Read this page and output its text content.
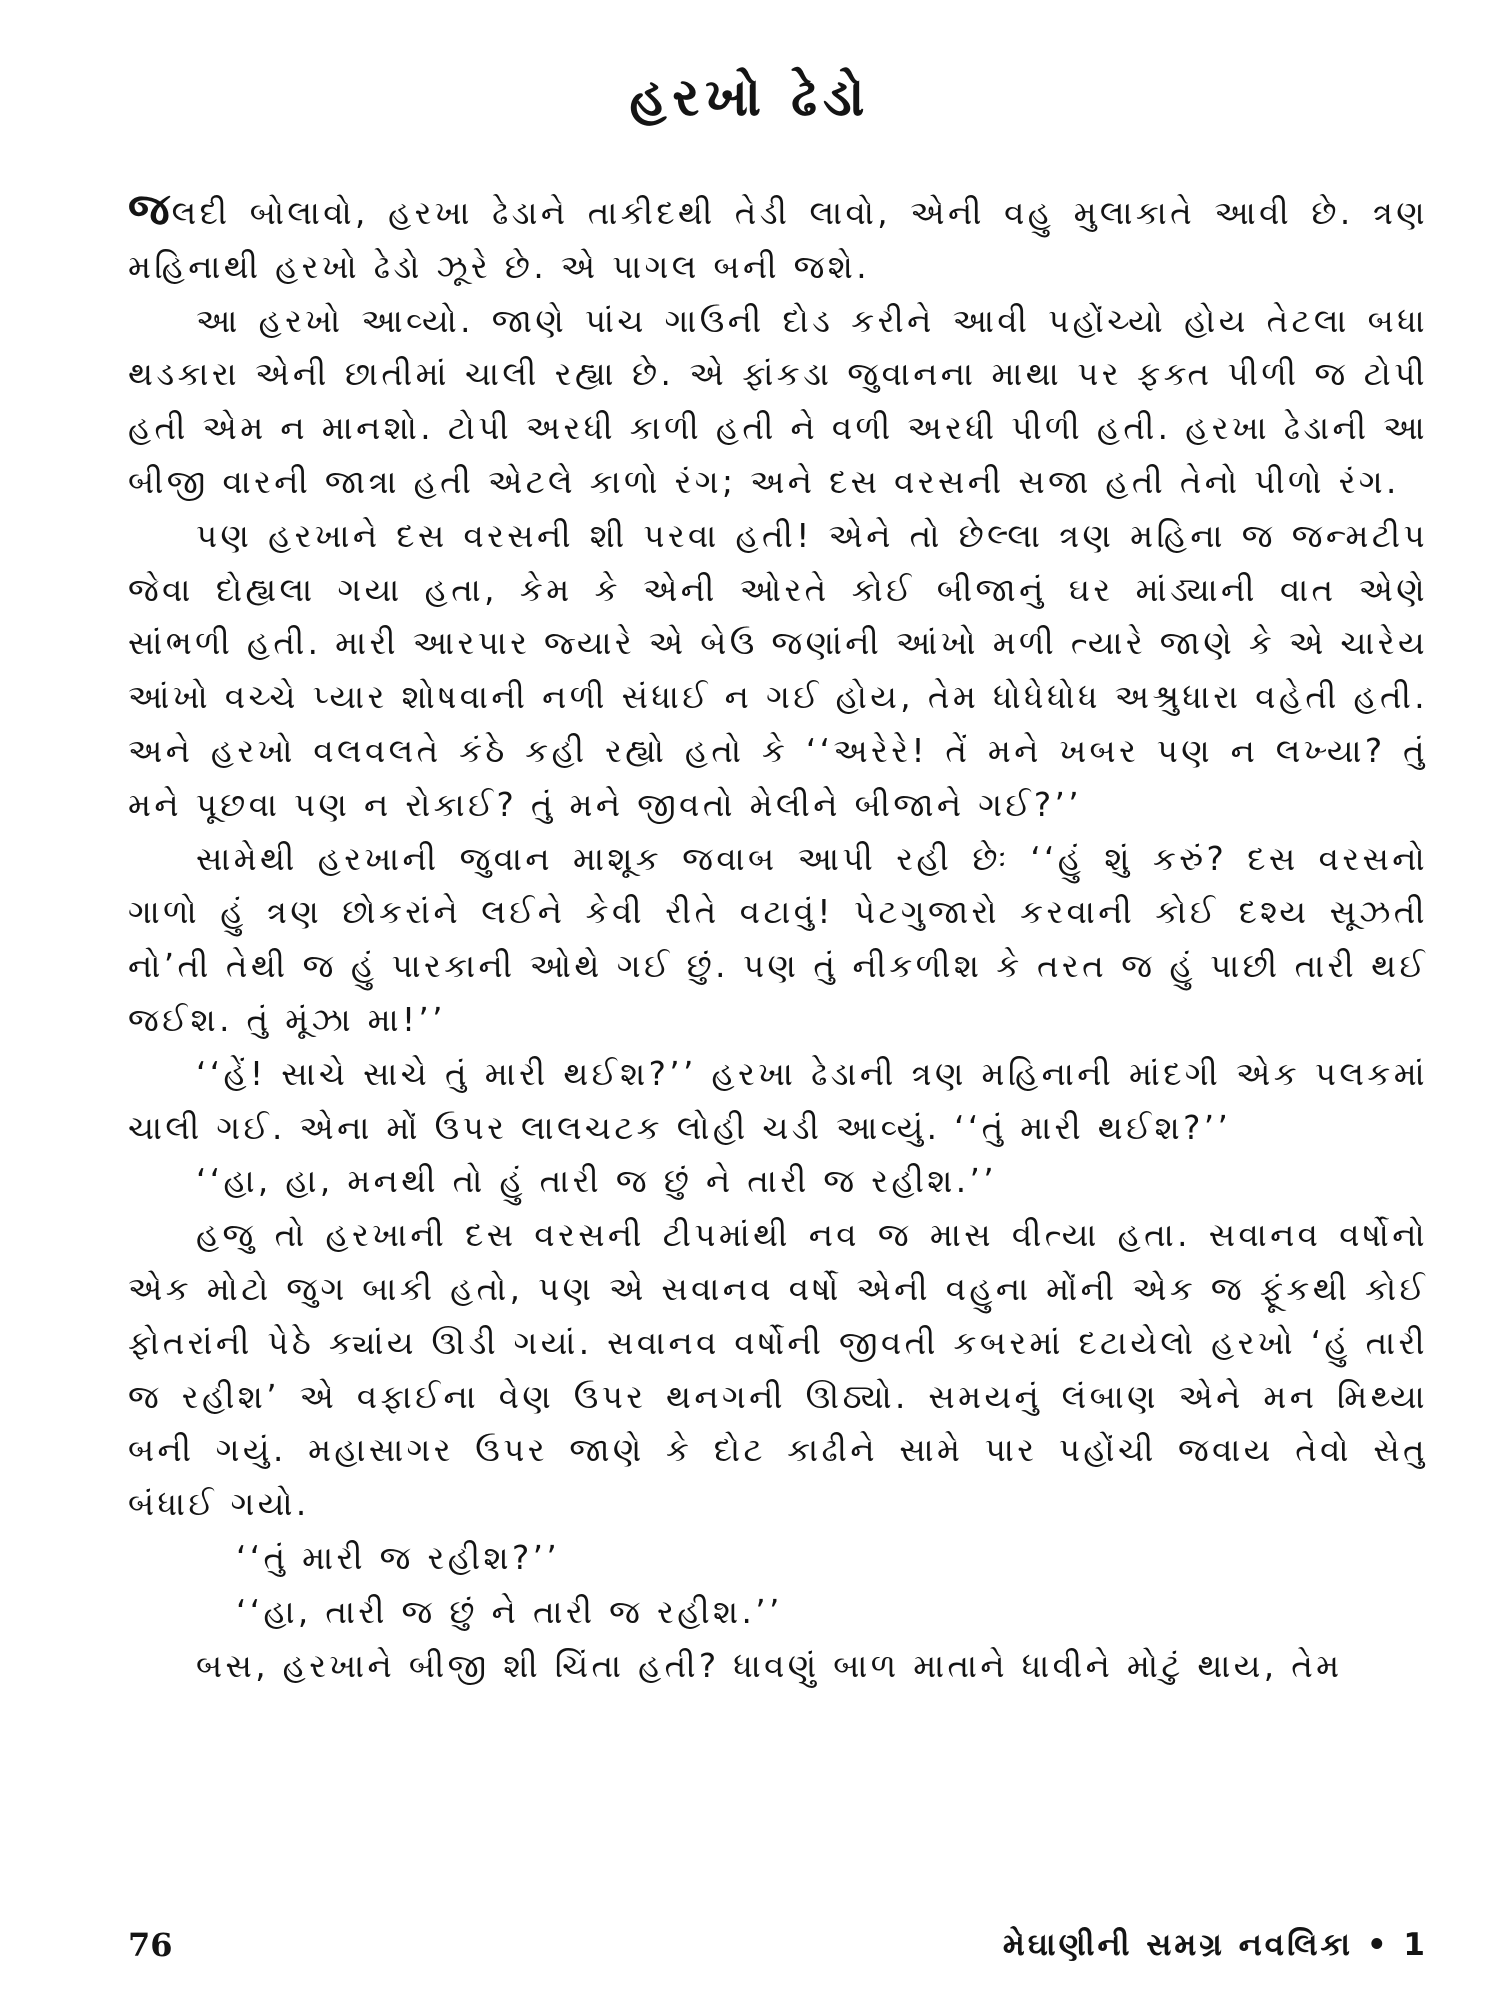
હરખો ઢેડો

જલદી બોલાવો, હરખા ઢેડાને તાકીદથી તેડી લાવો, એની વહુ મુલાકાતે આવી છે. ત્રણ મહિનાથી હરખો ઢેડો ઝૂરે છે. એ પાગલ બની જશે.

આ હરખો આવ્યો. જાણે પાંચ ગાઉની દોડ કરીને આવી પહોંચ્યો હોય તેટલા બધા થડકારા એની છાતીમાં ચાલી રહ્યા છે. એ ફાંકડા જુવાનના માથા પર ફક્ત પીળી જ ટોપી હતી એમ ન માનશો. ટોપી અરધી કાળી હતી ને વળી અરધી પીળી હતી. હરખા ઢેડાની આ બીજી વારની જાત્રા હતી એટલે કાળો રંગ; અને દસ વરસની સજા હતી તેનો પીળો રંગ.

પણ હરખાને દસ વરસની શી પરવા હતી! એને તો છેલ્લા ત્રણ મહિના જ જન્મટીપ જેવા દોહ્યલા ગયા હતા, કેમ કે એની ઓરતે કોઈ બીજાનું ઘર માંડ્યાની વાત એણે સાંભળી હતી. મારી આરપાર જ્યારે એ બેઉ જણાંની આંખો મળી ત્યારે જાણે કે એ ચારેય આંખો વચ્ચે પ્યાર શોષવાની નળી સંધાઈ ન ગઈ હોય, તેમ ધોધેધોધ અશ્રુધારા વહેતી હતી. અને હરખો વલવલતે કંઠે કહી રહ્યો હતો કે ‘‘અરેરે! તેં મને ખબર પણ ન લખ્યા? તું મને પૂછવા પણ ન રોકાઈ? તું મને જીવતો મેલીને બીજાને ગઈ?’’

સામેથી હરખાની જુવાન માશૂક જવાબ આપી રહી છેઃ ‘‘હું શું કરું? દસ વરસનો ગાળો હું ત્રણ છોકરાંને લઈને કેવી રીતે વટાવું! પેટગુજારો કરવાની કોઈ દશ્ય સૂઝતી નો’તી તેથી જ હું પારકાની ઓથે ગઈ છું. પણ તું નીકળીશ કે તરત જ હું પાછી તારી થઈ જઈશ. તું મૂંઝા મા!’’

‘‘હેં! સાચે સાચે તું મારી થઈશ?’’ હરખા ઢેડાની ત્રણ મહિનાની માંદગી એક પલકમાં ચાલી ગઈ. એના મોં ઉપર લાલચટક લોહી ચડી આવ્યું. ‘‘તું મારી થઈશ?’’

‘‘હા, હા, મનથી તો હું તારી જ છું ને તારી જ રહીશ.’’

હજુ તો હરખાની દસ વરસની ટીપમાંથી નવ જ માસ વીત્યા હતા. સવાનવ વર્ષોનો એક મોટો જુગ બાકી હતો, પણ એ સવાનવ વર્ષો એની વહુના મોંની એક જ ફૂંકથી કોઈ ફોતરાંની પેઠે ક્યાંય ઊડી ગયાં. સવાનવ વર્ષોની જીવતી કબરમાં દટાયેલો હરખો ‘હું તારી જ રહીશ’ એ વફાઈના વેણ ઉપર થનગની ઊઠ્યો. સમયનું લંબાણ એને મન મિથ્યા બની ગયું. મહાસાગર ઉપર જાણે કે દોટ કાઢીને સામે પાર પહોંચી જવાય તેવો સેતુ બંધાઈ ગયો.

‘‘તું મારી જ રહીશ?’’

‘‘હા, તારી જ છું ને તારી જ રહીશ.’’

બસ, હરખાને બીજી શી ચિંતા હતી? ધાવણું બાળ માતાને ધાવીને મોટું થાય, તેમ

76	મેઘાણીની સમગ્ર નવલિકા • 1
